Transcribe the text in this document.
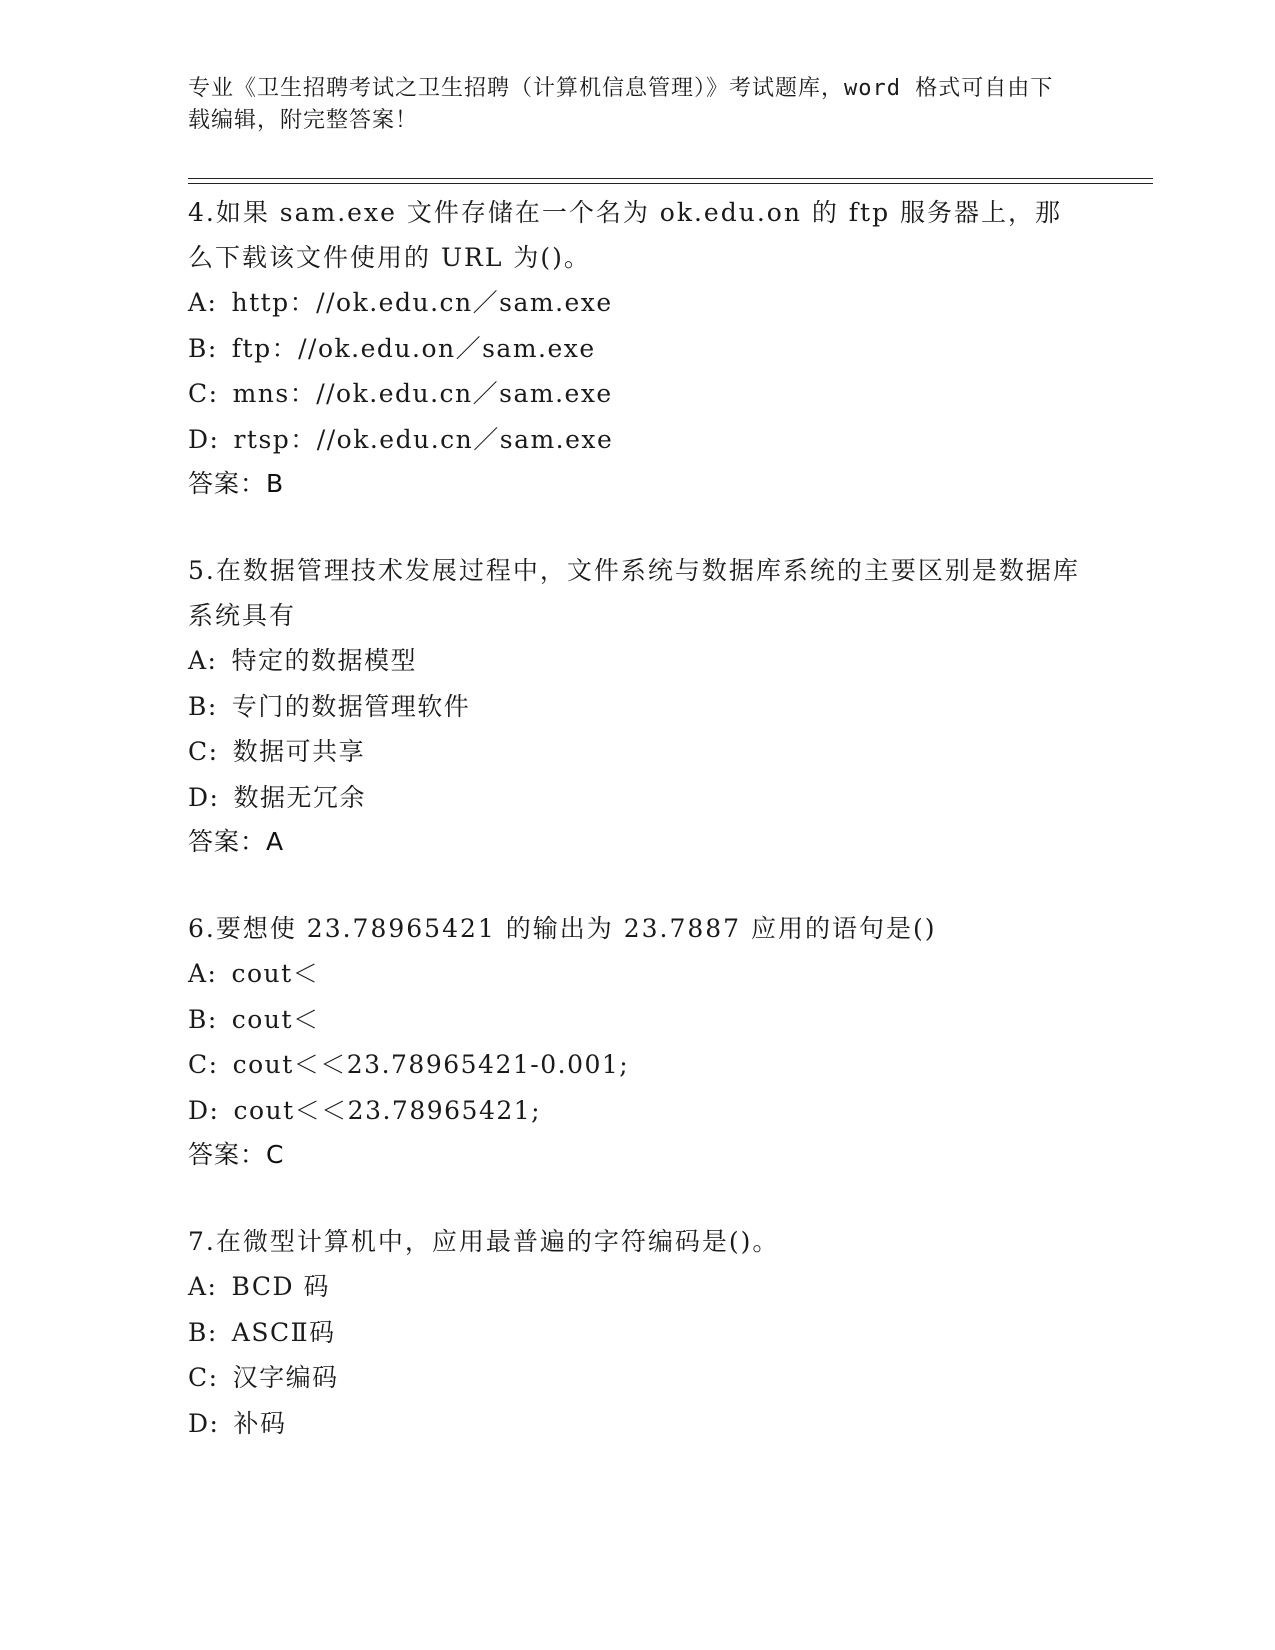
专业《卫生招聘考试之卫生招聘（计算机信息管理）》考试题库，word 格式可自由下载编辑，附完整答案！

4.如果 sam.exe 文件存储在一个名为 ok.edu.on 的 ftp 服务器上，那么下载该文件使用的 URL 为()。

A: http：//ok.edu.cn／sam.exe
B: ftp：//ok.edu.on／sam.exe
C: mns：//ok.edu.cn／sam.exe
D: rtsp：//ok.edu.cn／sam.exe

答案：B

5.在数据管理技术发展过程中，文件系统与数据库系统的主要区别是数据库系统具有

A: 特定的数据模型
B: 专门的数据管理软件
C: 数据可共享
D: 数据无冗余

答案：A

6.要想使 23.78965421 的输出为 23.7887 应用的语句是()

A: cout＜
B: cout＜
C: cout＜＜23.78965421-0.001;
D: cout＜＜23.78965421;

答案：C

7.在微型计算机中，应用最普遍的字符编码是()。

A: BCD 码
B: ASCⅡ码
C: 汉字编码
D: 补码
